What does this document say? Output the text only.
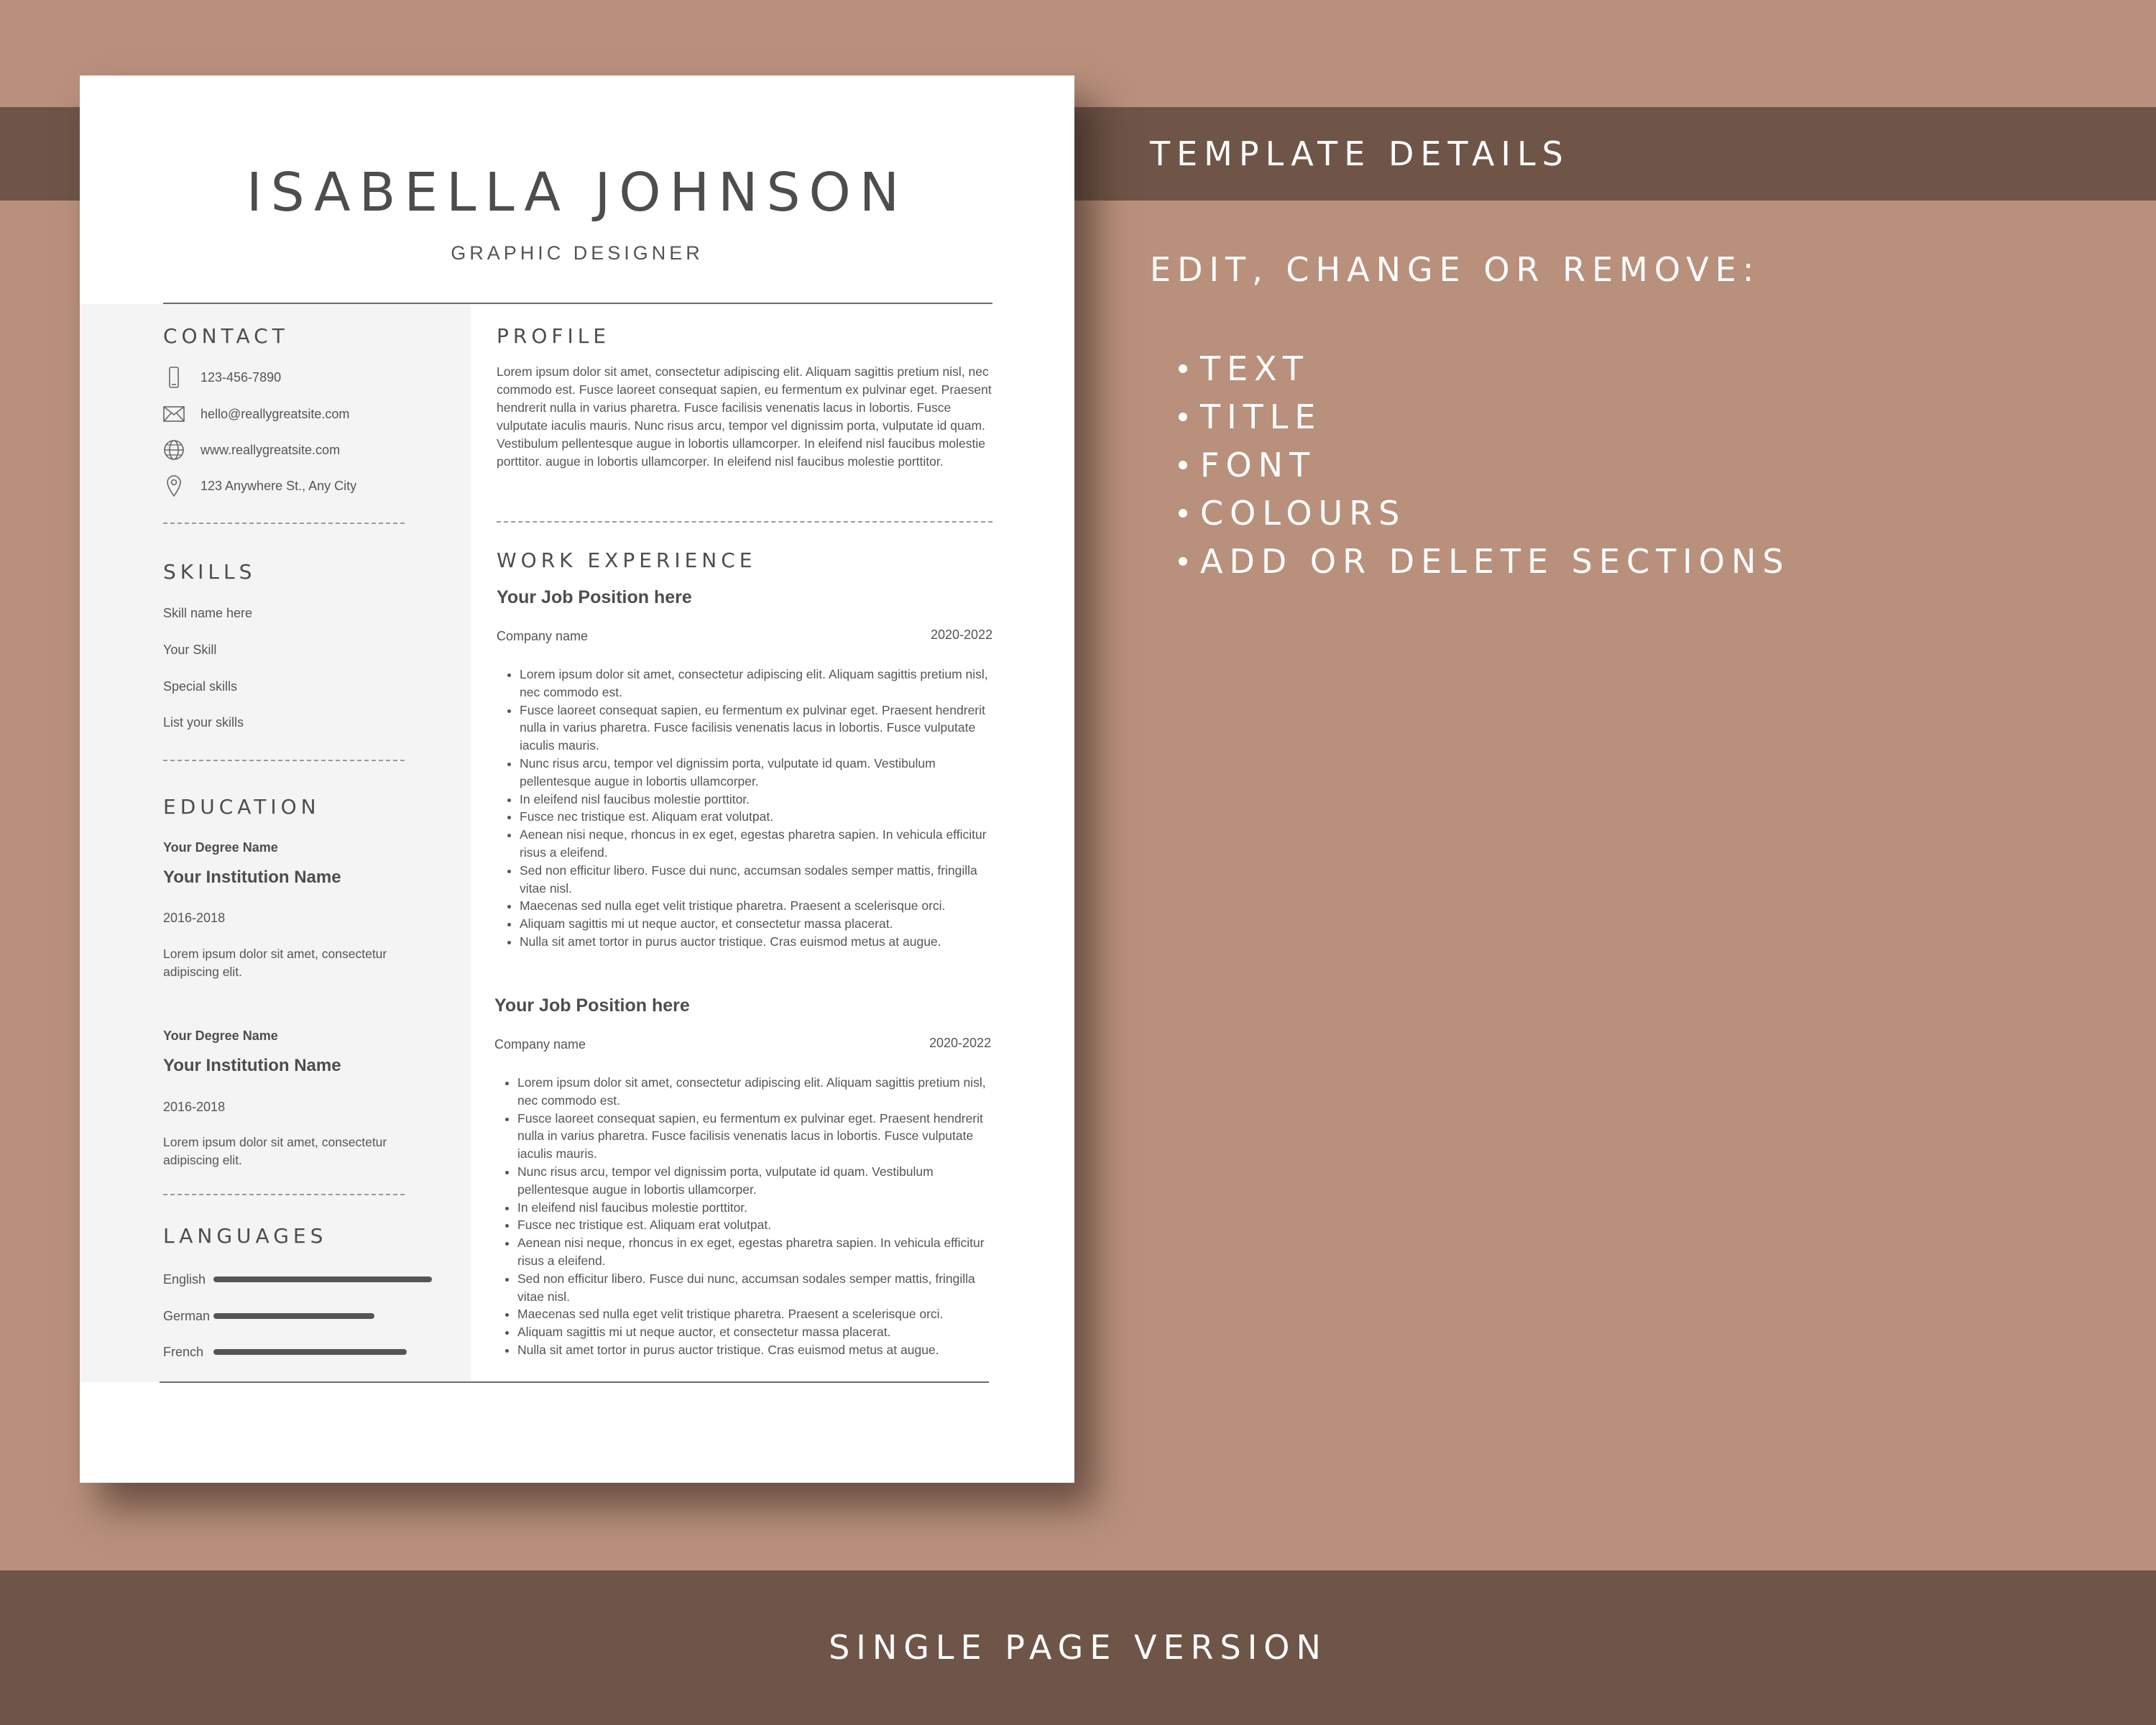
TEMPLATE DETAILS
EDIT, CHANGE OR REMOVE:
TEXT
TITLE
FONT
COLOURS
ADD OR DELETE SECTIONS
SINGLE PAGE VERSION
ISABELLA JOHNSON
GRAPHIC DESIGNER
CONTACT
123-456-7890
hello@reallygreatsite.com
www.reallygreatsite.com
123 Anywhere St., Any City
SKILLS
Skill name here
Your Skill
Special skills
List your skills
EDUCATION
Your Degree Name
Your Institution Name
2016-2018

Lorem ipsum dolor sit amet, consectetur adipiscing elit.

Your Degree Name
Your Institution Name
2016-2018

Lorem ipsum dolor sit amet, consectetur adipiscing elit.

LANGUAGES
English
German
French
PROFILE

Lorem ipsum dolor sit amet, consectetur adipiscing elit. Aliquam sagittis pretium nisl, nec commodo est. Fusce laoreet consequat sapien, eu fermentum ex pulvinar eget. Praesent hendrerit nulla in varius pharetra. Fusce facilisis venenatis lacus in lobortis. Fusce vulputate iaculis mauris. Nunc risus arcu, tempor vel dignissim porta, vulputate id quam. Vestibulum pellentesque augue in lobortis ullamcorper. In eleifend nisl faucibus molestie porttitor. augue in lobortis ullamcorper. In eleifend nisl faucibus molestie porttitor.

WORK EXPERIENCE
Your Job Position here
Company name	2020-2022
• Lorem ipsum dolor sit amet, consectetur adipiscing elit. Aliquam sagittis pretium nisl, nec commodo est.
• Fusce laoreet consequat sapien, eu fermentum ex pulvinar eget. Praesent hendrerit nulla in varius pharetra. Fusce facilisis venenatis lacus in lobortis. Fusce vulputate iaculis mauris.
• Nunc risus arcu, tempor vel dignissim porta, vulputate id quam. Vestibulum pellentesque augue in lobortis ullamcorper.
• In eleifend nisl faucibus molestie porttitor.
• Fusce nec tristique est. Aliquam erat volutpat.
• Aenean nisi neque, rhoncus in ex eget, egestas pharetra sapien. In vehicula efficitur risus a eleifend.
• Sed non efficitur libero. Fusce dui nunc, accumsan sodales semper mattis, fringilla vitae nisl.
• Maecenas sed nulla eget velit tristique pharetra. Praesent a scelerisque orci.
• Aliquam sagittis mi ut neque auctor, et consectetur massa placerat.
• Nulla sit amet tortor in purus auctor tristique. Cras euismod metus at augue.
Your Job Position here
Company name	2020-2022
• Lorem ipsum dolor sit amet, consectetur adipiscing elit. Aliquam sagittis pretium nisl, nec commodo est.
• Fusce laoreet consequat sapien, eu fermentum ex pulvinar eget. Praesent hendrerit nulla in varius pharetra. Fusce facilisis venenatis lacus in lobortis. Fusce vulputate iaculis mauris.
• Nunc risus arcu, tempor vel dignissim porta, vulputate id quam. Vestibulum pellentesque augue in lobortis ullamcorper.
• In eleifend nisl faucibus molestie porttitor.
• Fusce nec tristique est. Aliquam erat volutpat.
• Aenean nisi neque, rhoncus in ex eget, egestas pharetra sapien. In vehicula efficitur risus a eleifend.
• Sed non efficitur libero. Fusce dui nunc, accumsan sodales semper mattis, fringilla vitae nisl.
• Maecenas sed nulla eget velit tristique pharetra. Praesent a scelerisque orci.
• Aliquam sagittis mi ut neque auctor, et consectetur massa placerat.
• Nulla sit amet tortor in purus auctor tristique. Cras euismod metus at augue.
